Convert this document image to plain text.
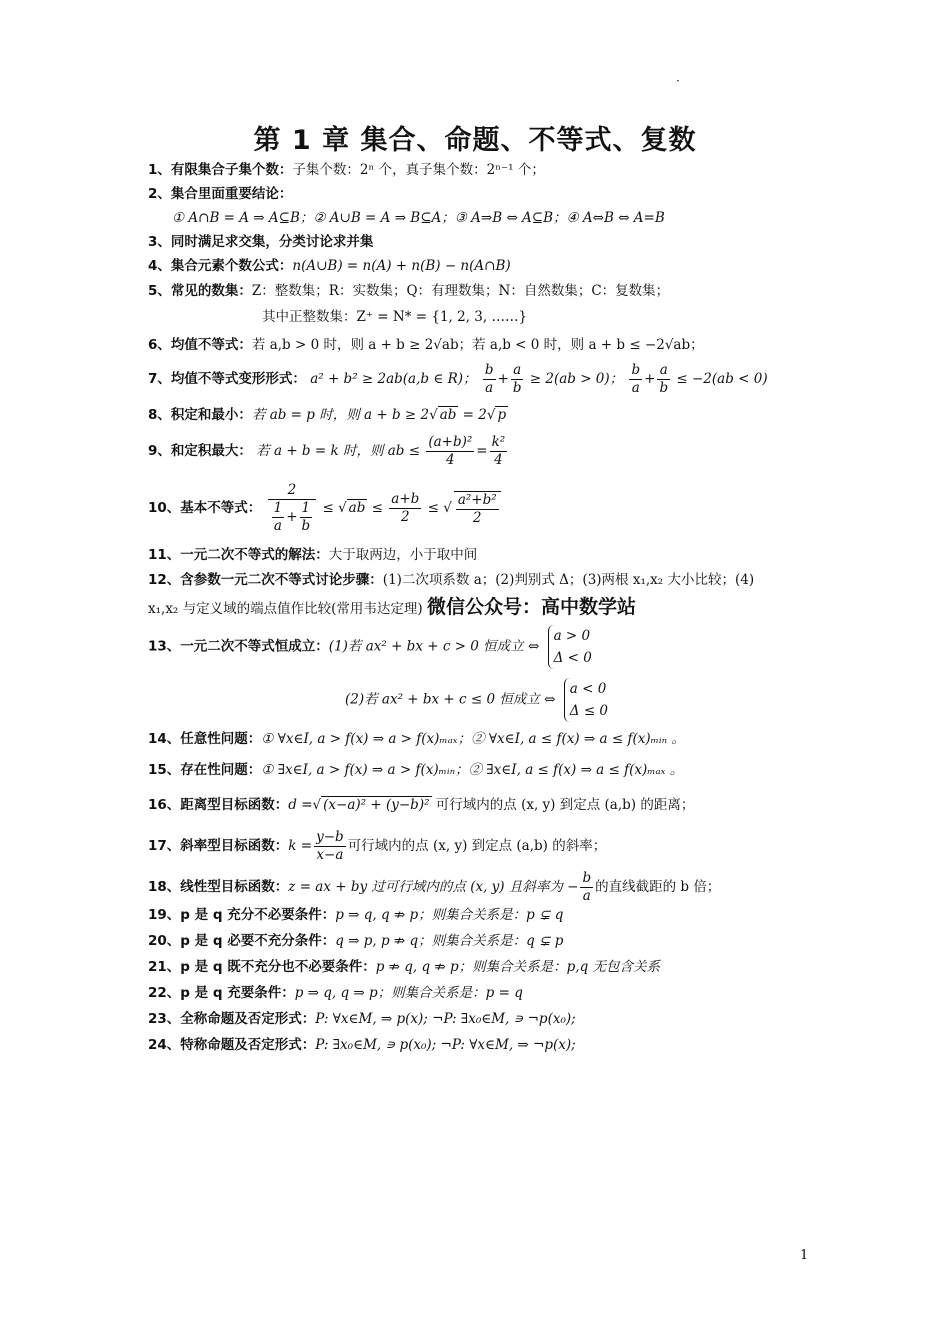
·
第 1 章 集合、命题、不等式、复数
1、有限集合子集个数：子集个数：2ⁿ 个，真子集个数：2ⁿ⁻¹ 个；
2、集合里面重要结论：
① A∩B = A ⇒ A⊆B；② A∪B = A ⇒ B⊆A；③ A⇒B ⇔ A⊆B；④ A⇔B ⇔ A=B
3、同时满足求交集，分类讨论求并集
4、集合元素个数公式：n(A∪B) = n(A) + n(B) − n(A∩B)
5、常见的数集：Z：整数集；R：实数集；Q：有理数集；N：自然数集；C：复数集；
其中正整数集：Z⁺ = N* = {1, 2, 3, ……}
6、均值不等式：若 a,b > 0 时，则 a + b ≥ 2√ab；若 a,b < 0 时，则 a + b ≤ −2√ab；
7、均值不等式变形形式： a² + b² ≥ 2ab(a,b ∈ R)； $\frac{b}{a} + \frac{a}{b} \ge 2(ab > 0)$； $\frac{b}{a} + \frac{a}{b} \le -2(ab < 0)$
8、积定和最小：若 ab = p 时，则 a + b ≥ 2√ ab = 2√ p
9、和定积最大： 若 a + b = k 时，则 ab ≤ $\frac{\text{(a+b)²}}{4} = \frac{\text{k²}}{4}$
10、基本不等式： $\frac{2}{\frac{1}{a} + \frac{1}{b}}$ ≤ √ ab ≤ $\frac{a+b}{2}$ ≤ √ $\frac{\text{a²+b²}}{2}$
11、一元二次不等式的解法：大于取两边，小于取中间
12、含参数一元二次不等式讨论步骤：(1)二次项系数 a；(2)判别式 Δ；(3)两根 x₁,x₂ 大小比较；(4)
x₁,x₂ 与定义域的端点值作比较(常用韦达定理) 微信公众号：高中数学站
13、一元二次不等式恒成立：(1)若 ax² + bx + c > 0 恒成立 ⇔
a > 0
Δ < 0
(2)若 ax² + bx + c ≤ 0 恒成立 ⇔
a < 0
Δ ≤ 0
14、任意性问题：① ∀x∈I, a > f(x) ⇒ a > f(x)ₘₐₓ；② ∀x∈I, a ≤ f(x) ⇒ a ≤ f(x)ₘᵢₙ 。
15、存在性问题：① ∃x∈I, a > f(x) ⇒ a > f(x)ₘᵢₙ；② ∃x∈I, a ≤ f(x) ⇒ a ≤ f(x)ₘₐₓ 。
16、距离型目标函数：d =√ (x−a)² + (y−b)² 可行域内的点 (x, y) 到定点 (a,b) 的距离；
17、斜率型目标函数：$k = \frac{y-b}{x-a}$ 可行域内的点 (x, y) 到定点 (a,b) 的斜率；
18、线性型目标函数：z = ax + by 过可行域内的点 (x, y) 且斜率为 − $\frac{b}{a}$ 的直线截距的 b 倍；
19、p 是 q 充分不必要条件：p ⇒ q, q ⇏ p；则集合关系是：p ⊊ q
20、p 是 q 必要不充分条件：q ⇒ p, p ⇏ q；则集合关系是：q ⊊ p
21、p 是 q 既不充分也不必要条件：p ⇏ q, q ⇏ p；则集合关系是：p,q 无包含关系
22、p 是 q 充要条件：p ⇒ q, q ⇒ p；则集合关系是：p = q
23、全称命题及否定形式：P: ∀x∈M, ⇒ p(x); ¬P: ∃x₀∈M, ∍ ¬p(x₀);
24、特称命题及否定形式：P: ∃x₀∈M, ∍ p(x₀); ¬P: ∀x∈M, ⇒ ¬p(x);
1
